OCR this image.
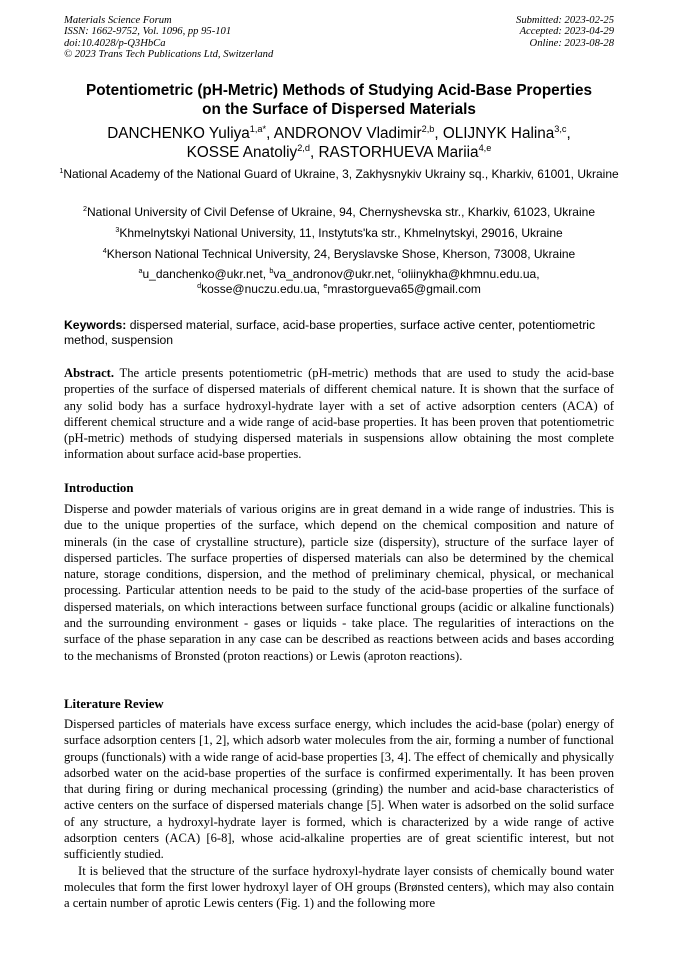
Materials Science Forum
ISSN: 1662-9752, Vol. 1096, pp 95-101
doi:10.4028/p-Q3HbCa
© 2023 Trans Tech Publications Ltd, Switzerland
Submitted: 2023-02-25
Accepted: 2023-04-29
Online: 2023-08-28
Potentiometric (pH-Metric) Methods of Studying Acid-Base Properties
on the Surface of Dispersed Materials
DANCHENKO Yuliya$^{1,a*}$, ANDRONOV Vladimir$^{2,b}$, OLIJNYK Halina$^{3,c}$,
KOSSE Anatoliy$^{2,d}$, RASTORHUEVA Mariia$^{4,e}$
$^1$National Academy of the National Guard of Ukraine, 3, Zakhysnykiv Ukrainy sq., Kharkiv, 61001, Ukraine
$^2$National University of Civil Defense of Ukraine, 94, Chernyshevska str., Kharkiv, 61023, Ukraine
$^3$Khmelnytskyi National University, 11, Instytuts'ka str., Khmelnytskyi, 29016, Ukraine
$^4$Kherson National Technical University, 24, Beryslavske Shose, Kherson, 73008, Ukraine
$^a$u_danchenko@ukr.net, $^b$va_andronov@ukr.net, $^c$oliinykha@khmnu.edu.ua,
$^d$kosse@nuczu.edu.ua, $^e$mrastorgueva65@gmail.com
Keywords: dispersed material, surface, acid-base properties, surface active center, potentiometric method, suspension

Abstract. The article presents potentiometric (pH-metric) methods that are used to study the acid-base properties of the surface of dispersed materials of different chemical nature. It is shown that the surface of any solid body has a surface hydroxyl-hydrate layer with a set of active adsorption centers (ACA) of different chemical structure and a wide range of acid-base properties. It has been proven that potentiometric (pH-metric) methods of studying dispersed materials in suspensions allow obtaining the most complete information about surface acid-base properties.

Introduction

Disperse and powder materials of various origins are in great demand in a wide range of industries. This is due to the unique properties of the surface, which depend on the chemical composition and nature of minerals (in the case of crystalline structure), particle size (dispersity), structure of the surface layer of dispersed particles. The surface properties of dispersed materials can also be determined by the chemical nature, storage conditions, dispersion, and the method of preliminary chemical, physical, or mechanical processing. Particular attention needs to be paid to the study of the acid-base properties of the surface of dispersed materials, on which interactions between surface functional groups (acidic or alkaline functionals) and the surrounding environment - gases or liquids - take place. The regularities of interactions on the surface of the phase separation in any case can be described as reactions between acids and bases according to the mechanisms of Bronsted (proton reactions) or Lewis (aproton reactions).

Literature Review

Dispersed particles of materials have excess surface energy, which includes the acid-base (polar) energy of surface adsorption centers [1, 2], which adsorb water molecules from the air, forming a number of functional groups (functionals) with a wide range of acid-base properties [3, 4]. The effect of chemically and physically adsorbed water on the acid-base properties of the surface is confirmed experimentally. It has been proven that during firing or during mechanical processing (grinding) the number and acid-base characteristics of active centers on the surface of dispersed materials change [5]. When water is adsorbed on the solid surface of any structure, a hydroxyl-hydrate layer is formed, which is characterized by a wide range of active adsorption centers (ACA) [6-8], whose acid-alkaline properties are of great scientific interest, but not sufficiently studied.

It is believed that the structure of the surface hydroxyl-hydrate layer consists of chemically bound water molecules that form the first lower hydroxyl layer of OH groups (Brønsted centers), which may also contain a certain number of aprotic Lewis centers (Fig. 1) and the following more
